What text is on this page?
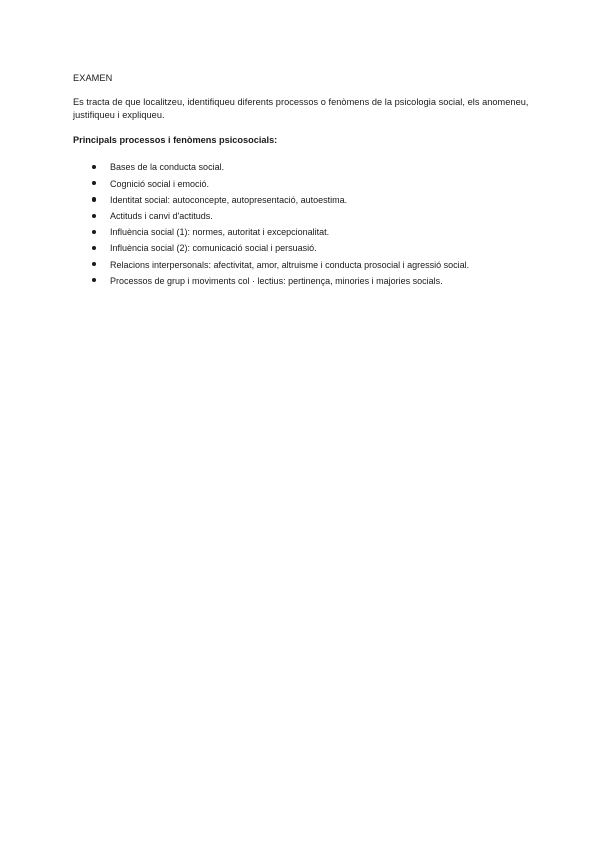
EXAMEN

Es tracta de que localitzeu, identifiqueu diferents processos o fenòmens de la psicologia social, els anomeneu, justifiqueu i expliqueu.

Principals processos i fenòmens psicosocials:

Bases de la conducta social.
Cognició social i emoció.
Identitat social: autoconcepte, autopresentació, autoestima.
Actituds i canvi d'actituds.
Influència social (1): normes, autoritat i excepcionalitat.
Influència social (2): comunicació social i persuasió.
Relacions interpersonals: afectivitat, amor, altruisme i conducta prosocial i agressió social.
Processos de grup i moviments col · lectius: pertinença, minories i majories socials.
